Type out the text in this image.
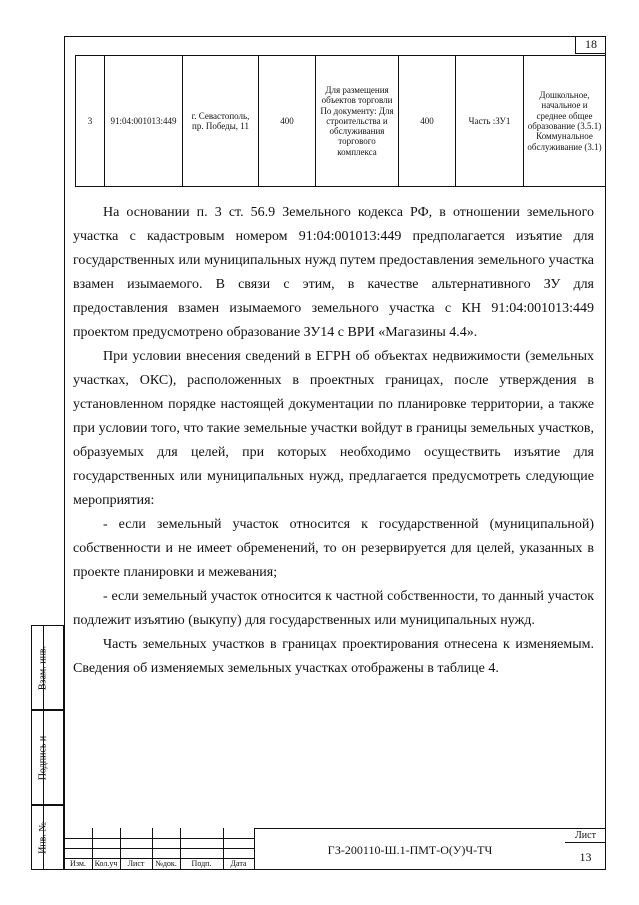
18
3	91:04:001013:449	г. Севастополь, пр. Победы, 11	400	Для размещения объектов торговли По документу: Для строительства и обслуживания торгового комплекса	400	Часть :ЗУ1	Дошкольное, начальное и среднее общее образование (3.5.1) Коммунальное обслуживание (3.1)

На основании п. 3 ст. 56.9 Земельного кодекса РФ, в отношении земельного участка с кадастровым номером 91:04:001013:449 предполагается изъятие для государственных или муниципальных нужд путем предоставления земельного участка взамен изымаемого. В связи с этим, в качестве альтернативного ЗУ для предоставления взамен изымаемого земельного участка с КН 91:04:001013:449 проектом предусмотрено образование ЗУ14 с ВРИ «Магазины 4.4».

При условии внесения сведений в ЕГРН об объектах недвижимости (земельных участках, ОКС), расположенных в проектных границах, после утверждения в установленном порядке настоящей документации по планировке территории, а также при условии того, что такие земельные участки войдут в границы земельных участков, образуемых для целей, при которых необходимо осуществить изъятие для государственных или муниципальных нужд, предлагается предусмотреть следующие мероприятия:

- если земельный участок относится к государственной (муниципальной) собственности и не имеет обременений, то он резервируется для целей, указанных в проекте планировки и межевания;

- если земельный участок относится к частной собственности, то данный участок подлежит изъятию (выкупу) для государственных или муниципальных нужд.

Часть земельных участков в границах проектирования отнесена к изменяемым. Сведения об изменяемых земельных участках отображены в таблице 4.

Взам. инв.
Подпись и
Инв. №
Изм.	Кол.уч	Лист	№док.	Подп.	Дата
ГЗ-200110-Ш.1-ПМТ-О(У)Ч-ТЧ
Лист
13
